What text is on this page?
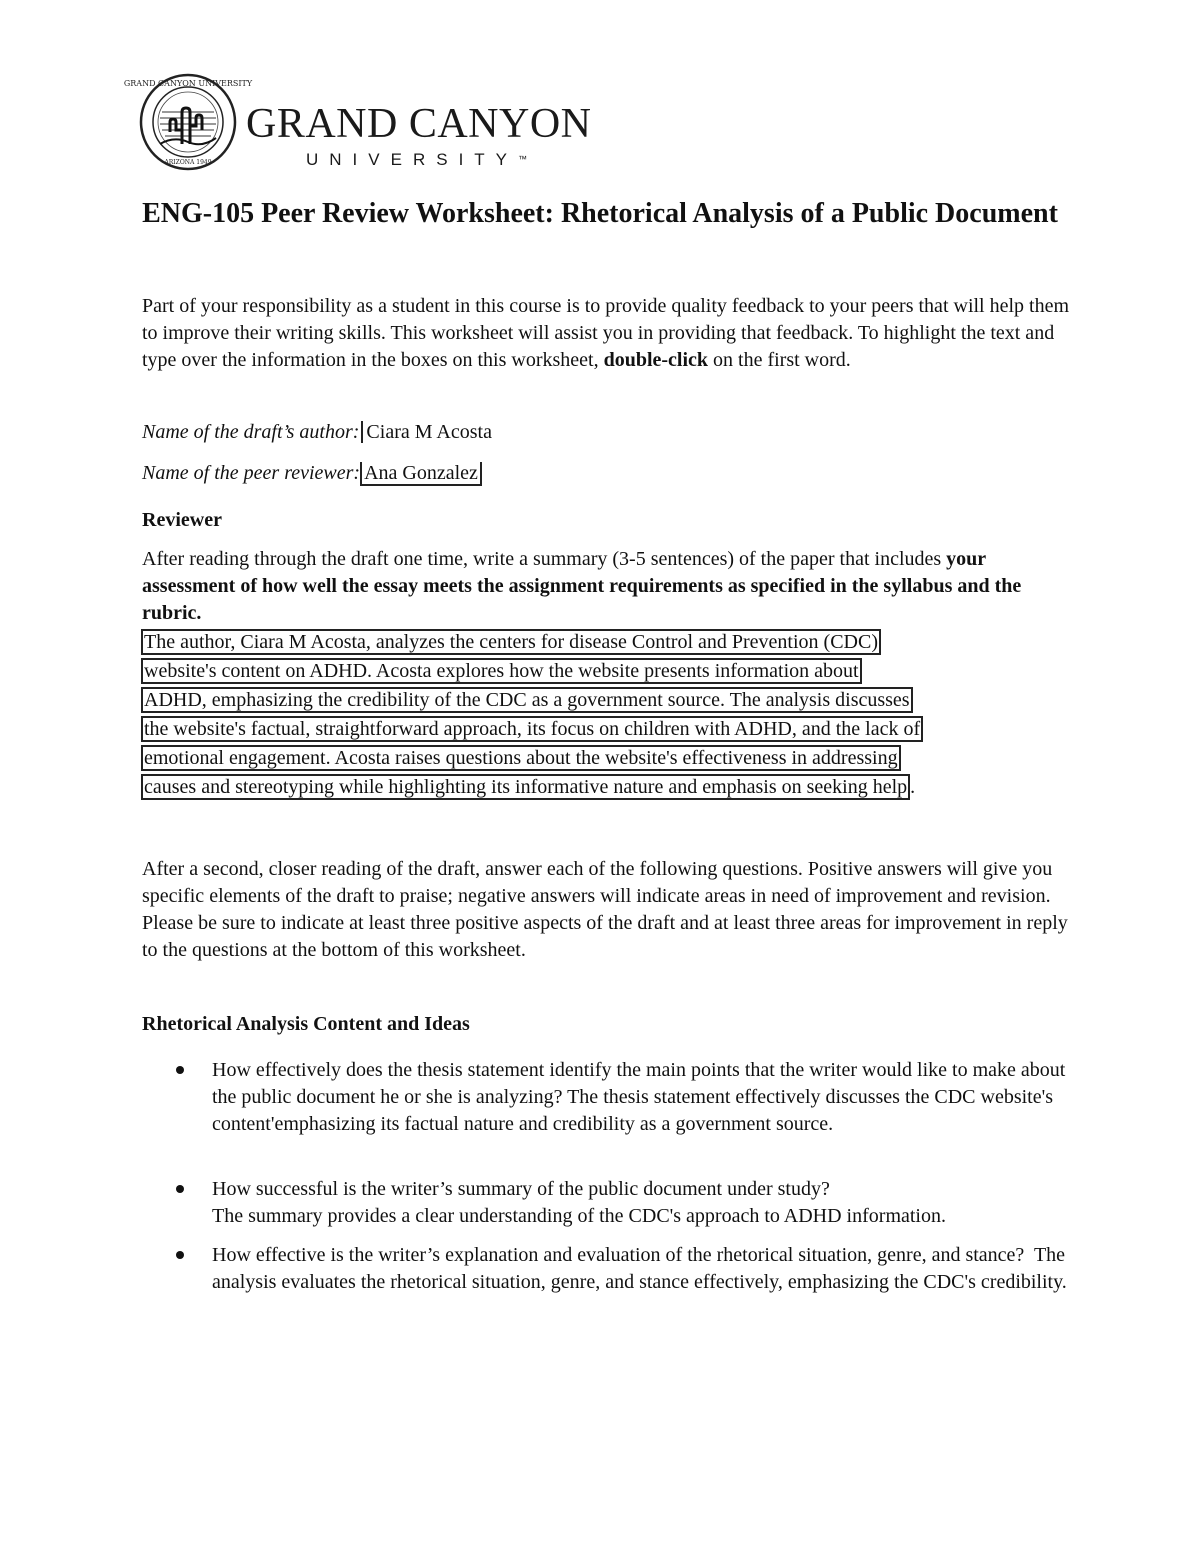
GRAND CANYON UNIVERSITY
ARIZONA 1949
GRAND CANYON
UNIVERSITY™
ENG-105 Peer Review Worksheet: Rhetorical Analysis of a Public Document
Part of your responsibility as a student in this course is to provide quality feedback to your peers that will help them to improve their writing skills. This worksheet will assist you in providing that feedback. To highlight the text and type over the information in the boxes on this worksheet, double-click on the first word.
Name of the draft’s author: Ciara M Acosta
Name of the peer reviewer: Ana Gonzalez
Reviewer
After reading through the draft one time, write a summary (3-5 sentences) of the paper that includes your assessment of how well the essay meets the assignment requirements as specified in the syllabus and the rubric.
The author, Ciara M Acosta, analyzes the centers for disease Control and Prevention (CDC)
website's content on ADHD. Acosta explores how the website presents information about
ADHD, emphasizing the credibility of the CDC as a government source. The analysis discusses
the website's factual, straightforward approach, its focus on children with ADHD, and the lack of
emotional engagement. Acosta raises questions about the website's effectiveness in addressing
causes and stereotyping while highlighting its informative nature and emphasis on seeking help .
After a second, closer reading of the draft, answer each of the following questions. Positive answers will give you specific elements of the draft to praise; negative answers will indicate areas in need of improvement and revision. Please be sure to indicate at least three positive aspects of the draft and at least three areas for improvement in reply to the questions at the bottom of this worksheet.
Rhetorical Analysis Content and Ideas
How effectively does the thesis statement identify the main points that the writer would like to make about the public document he or she is analyzing? The thesis statement effectively discusses the CDC website's content'emphasizing its factual nature and credibility as a government source.
How successful is the writer’s summary of the public document under study?
The summary provides a clear understanding of the CDC's approach to ADHD information.
How effective is the writer’s explanation and evaluation of the rhetorical situation, genre, and stance? The analysis evaluates the rhetorical situation, genre, and stance effectively, emphasizing the CDC's credibility.
